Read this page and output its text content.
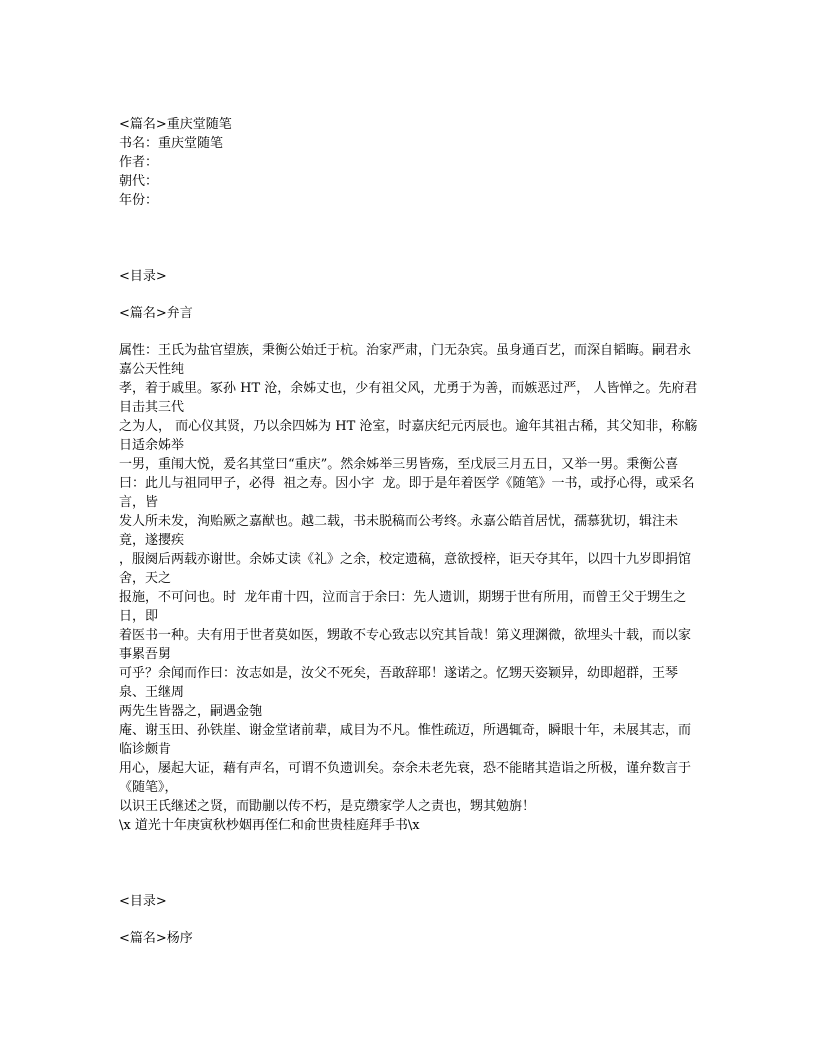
<篇名>重庆堂随笔
书名：重庆堂随笔
作者：
朝代：
年份：
<目录>
<篇名>弁言
属性：王氏为盐官望族，秉衡公始迁于杭。治家严肃，门无杂宾。虽身通百艺，而深自韬晦。嗣君永嘉公天性纯
孝，着于戚里。冢孙 HT 沧，余姊丈也，少有祖父风，尤勇于为善，而嫉恶过严， 人皆惮之。先府君目击其三代
之为人， 而心仪其贤，乃以余四姊为 HT 沧室，时嘉庆纪元丙辰也。逾年其祖古稀，其父知非，称觞日适余姊举
一男，重闱大悦，爰名其堂曰“重庆”。然余姊举三男皆殇，至戊辰三月五日，又举一男。秉衡公喜
曰：此儿与祖同甲子，必得  祖之寿。因小字  龙。即于是年着医学《随笔》一书，或抒心得，或采名言，皆
发人所未发，洵贻厥之嘉猷也。越二载，书未脱稿而公考终。永嘉公皓首居忧，孺慕犹切，辑注未竟，遂撄疾
，服阕后两载亦谢世。余姊丈读《礼》之余，校定遗稿，意欲授梓，讵天夺其年，以四十九岁即捐馆舍，天之
报施，不可问也。时  龙年甫十四，泣而言于余曰：先人遗训，期甥于世有所用，而曾王父于甥生之日，即
着医书一种。夫有用于世者莫如医，甥敢不专心致志以究其旨哉！第义理渊微，欲埋头十载，而以家事累吾舅
可乎？余闻而作曰：汝志如是，汝父不死矣，吾敢辞耶！遂诺之。忆甥天姿颖异，幼即超群，王琴泉、王继周
两先生皆器之，嗣遇金匏
庵、谢玉田、孙铁崖、谢金堂诸前辈，咸目为不凡。惟性疏迈，所遇辄奇，瞬眼十年，未展其志，而临诊颇肯
用心，屡起大证，藉有声名，可谓不负遗训矣。奈余未老先衰，恐不能睹其造诣之所极，谨弁数言于《随笔》，
以识王氏继述之贤，而勖剻以传不朽，是克缵家学人之责也，甥其勉旃！
\x 道光十年庚寅秋杪姻再侄仁和俞世贵桂庭拜手书\x
<目录>
<篇名>杨序
